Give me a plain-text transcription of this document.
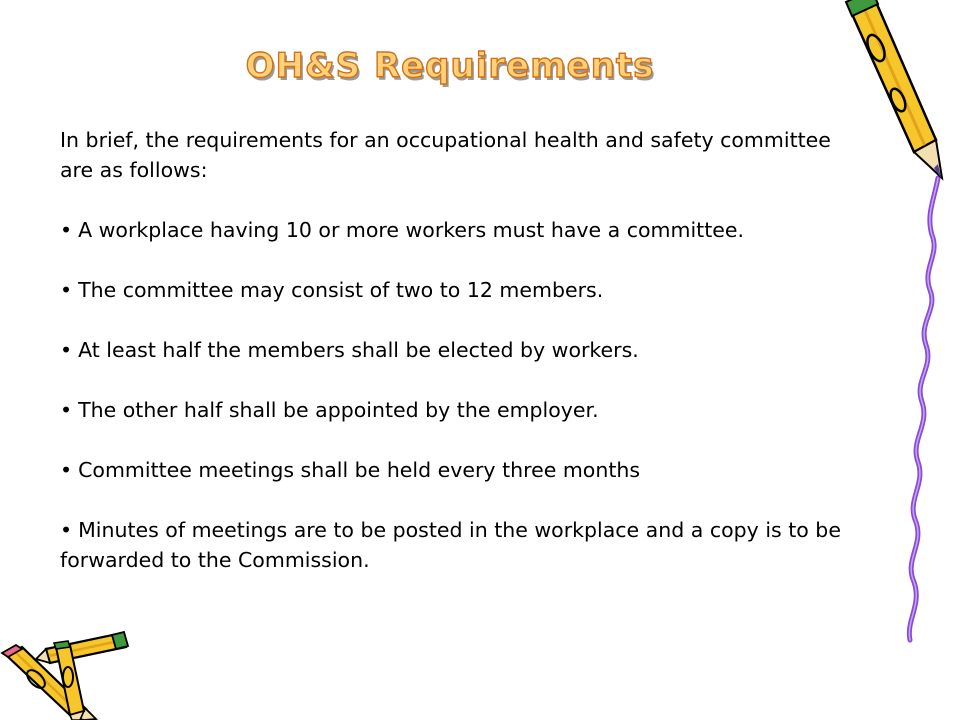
OH&S Requirements

In brief, the requirements for an occupational health and safety committee are as follows:

• A workplace having 10 or more workers must have a committee.

• The committee may consist of two to 12 members.

• At least half the members shall be elected by workers.

• The other half shall be appointed by the employer.

• Committee meetings shall be held every three months

• Minutes of meetings are to be posted in the workplace and a copy is to be forwarded to the Commission.
